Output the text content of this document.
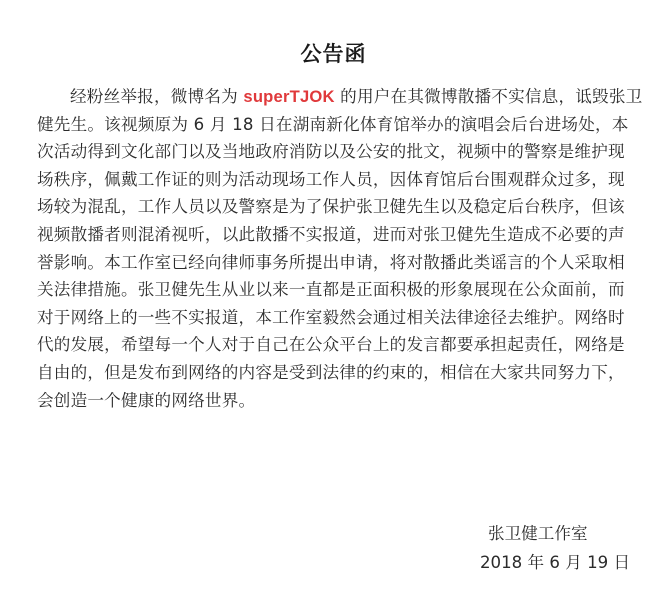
公告函
经粉丝举报，微博名为 superTJOK 的用户在其微博散播不实信息，诋毁张卫
健先生。该视频原为 6 月 18 日在湖南新化体育馆举办的演唱会后台进场处，本
次活动得到文化部门以及当地政府消防以及公安的批文，视频中的警察是维护现
场秩序，佩戴工作证的则为活动现场工作人员，因体育馆后台围观群众过多，现
场较为混乱，工作人员以及警察是为了保护张卫健先生以及稳定后台秩序，但该
视频散播者则混淆视听，以此散播不实报道，进而对张卫健先生造成不必要的声
誉影响。本工作室已经向律师事务所提出申请，将对散播此类谣言的个人采取相
关法律措施。张卫健先生从业以来一直都是正面积极的形象展现在公众面前，而
对于网络上的一些不实报道，本工作室毅然会通过相关法律途径去维护。网络时
代的发展，希望每一个人对于自己在公众平台上的发言都要承担起责任，网络是
自由的，但是发布到网络的内容是受到法律的约束的，相信在大家共同努力下，
会创造一个健康的网络世界。
张卫健工作室
2018 年 6 月 19 日
